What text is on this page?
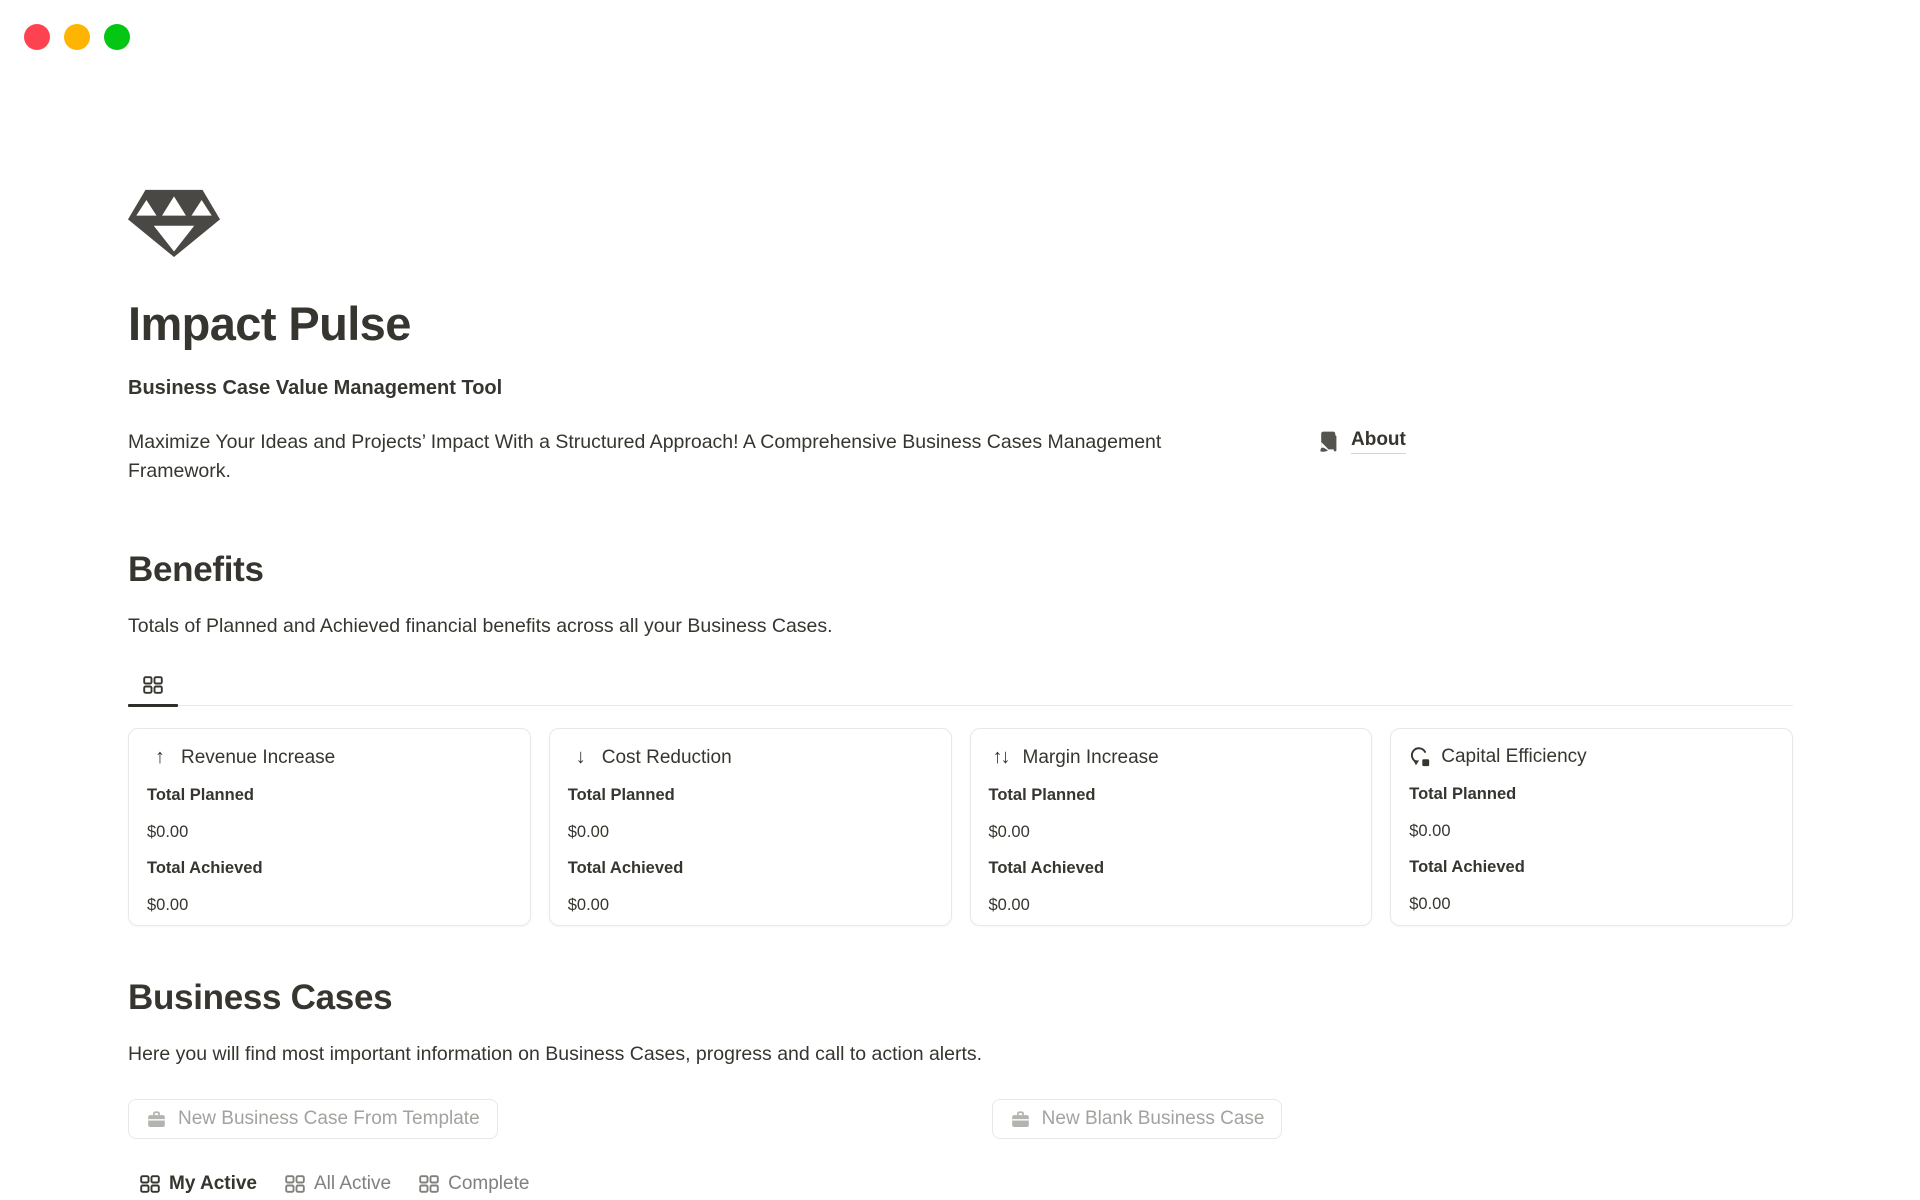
Impact Pulse
Business Case Value Management Tool
Maximize Your Ideas and Projects’ Impact With a Structured Approach! A Comprehensive Business Cases Management Framework.
About
Benefits
Totals of Planned and Achieved financial benefits across all your Business Cases.
↑ Revenue Increase
Total Planned
$0.00
Total Achieved
$0.00
↓ Cost Reduction
Total Planned
$0.00
Total Achieved
$0.00
↑↓ Margin Increase
Total Planned
$0.00
Total Achieved
$0.00
Capital Efficiency
Total Planned
$0.00
Total Achieved
$0.00
Business Cases
Here you will find most important information on Business Cases, progress and call to action alerts.
New Business Case From Template	New Blank Business Case
My Active	All Active	Complete
